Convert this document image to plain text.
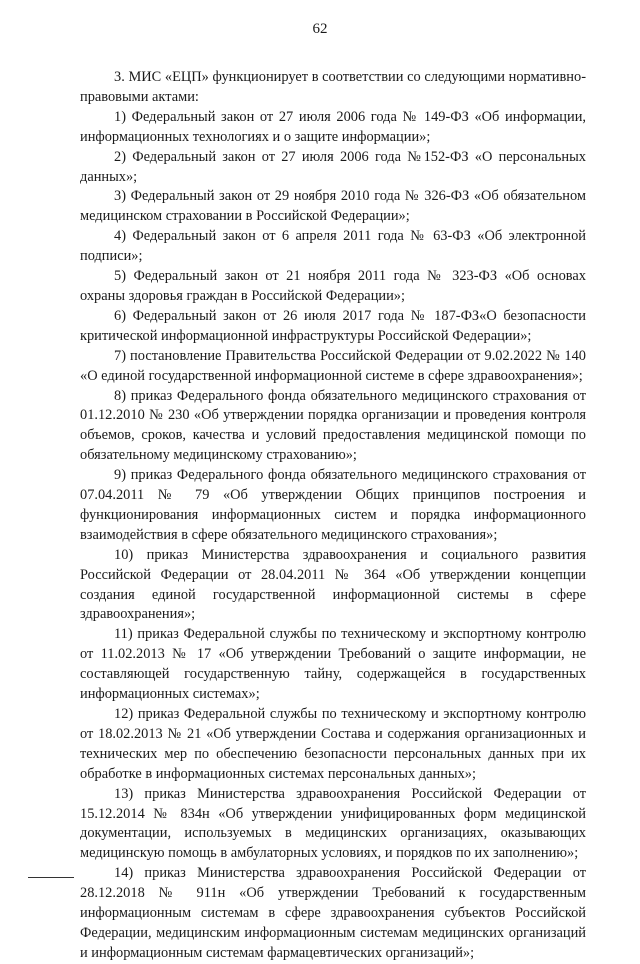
62

3. МИС «ЕЦП» функционирует в соответствии со следующими нормативно-правовыми актами:

1) Федеральный закон от 27 июля 2006 года № 149-ФЗ «Об информации, информационных технологиях и о защите информации»;

2) Федеральный закон от 27 июля 2006 года №152-ФЗ «О персональных данных»;

3) Федеральный закон от 29 ноября 2010 года № 326-ФЗ «Об обязательном медицинском страховании в Российской Федерации»;

4) Федеральный закон от 6 апреля 2011 года № 63-ФЗ «Об электронной подписи»;

5) Федеральный закон от 21 ноября 2011 года № 323-ФЗ «Об основах охраны здоровья граждан в Российской Федерации»;

6) Федеральный закон от 26 июля 2017 года № 187-ФЗ«О безопасности критической информационной инфраструктуры Российской Федерации»;

7) постановление Правительства Российской Федерации от 9.02.2022 № 140 «О единой государственной информационной системе в сфере здравоохранения»;

8) приказ Федерального фонда обязательного медицинского страхования от 01.12.2010 № 230 «Об утверждении порядка организации и проведения контроля объемов, сроков, качества и условий предоставления медицинской помощи по обязательному медицинскому страхованию»;

9) приказ Федерального фонда обязательного медицинского страхования от 07.04.2011 № 79 «Об утверждении Общих принципов построения и функционирования информационных систем и порядка информационного взаимодействия в сфере обязательного медицинского страхования»;

10) приказ Министерства здравоохранения и социального развития Российской Федерации от 28.04.2011 № 364 «Об утверждении концепции создания единой государственной информационной системы в сфере здравоохранения»;

11) приказ Федеральной службы по техническому и экспортному контролю от 11.02.2013 № 17 «Об утверждении Требований о защите информации, не составляющей государственную тайну, содержащейся в государственных информационных системах»;

12) приказ Федеральной службы по техническому и экспортному контролю от 18.02.2013 № 21 «Об утверждении Состава и содержания организационных и технических мер по обеспечению безопасности персональных данных при их обработке в информационных системах персональных данных»;

13) приказ Министерства здравоохранения Российской Федерации от 15.12.2014 № 834н «Об утверждении унифицированных форм медицинской документации, используемых в медицинских организациях, оказывающих медицинскую помощь в амбулаторных условиях, и порядков по их заполнению»;

14) приказ Министерства здравоохранения Российской Федерации от 28.12.2018 № 911н «Об утверждении Требований к государственным информационным системам в сфере здравоохранения субъектов Российской Федерации, медицинским информационным системам медицинских организаций и информационным системам фармацевтических организаций»;
